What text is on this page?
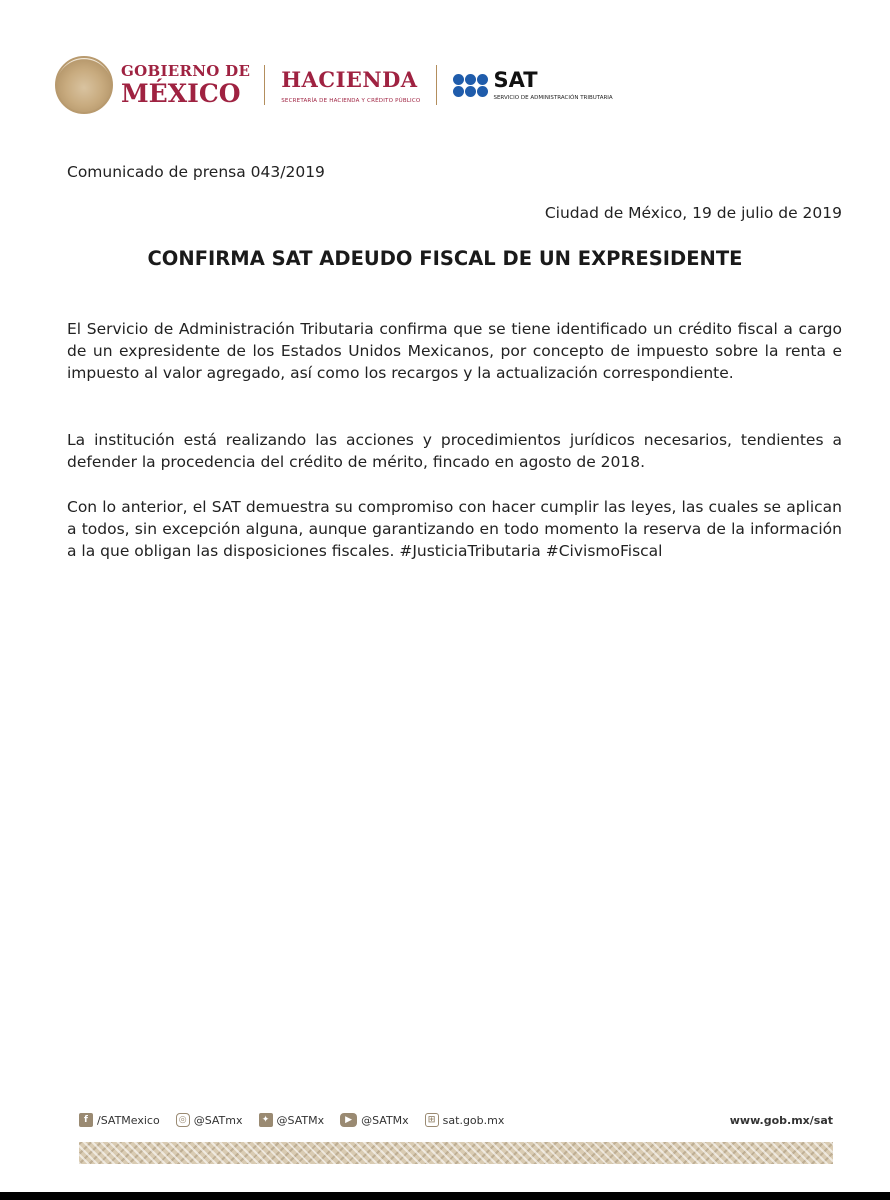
GOBIERNO DE
MÉXICO	HACIENDA
SECRETARÍA DE HACIENDA Y CRÉDITO PÚBLICO
SAT
SERVICIO DE ADMINISTRACIÓN TRIBUTARIA
Comunicado de prensa 043/2019
Ciudad de México, 19 de julio de 2019
CONFIRMA SAT ADEUDO FISCAL DE UN EXPRESIDENTE

El Servicio de Administración Tributaria confirma que se tiene identificado un crédito fiscal a cargo de un expresidente de los Estados Unidos Mexicanos, por concepto de impuesto sobre la renta e impuesto al valor agregado, así como los recargos y la actualización correspondiente.

La institución está realizando las acciones y procedimientos jurídicos necesarios, tendientes a defender la procedencia del crédito de mérito, fincado en agosto de 2018.

Con lo anterior, el SAT demuestra su compromiso con hacer cumplir las leyes, las cuales se aplican a todos, sin excepción alguna, aunque garantizando en todo momento la reserva de la información a la que obligan las disposiciones fiscales. #JusticiaTributaria #CivismoFiscal

f /SATMexico	◎ @SATmx	✦ @SATMx	▶ @SATMx	⊞ sat.gob.mx	www.gob.mx/sat
